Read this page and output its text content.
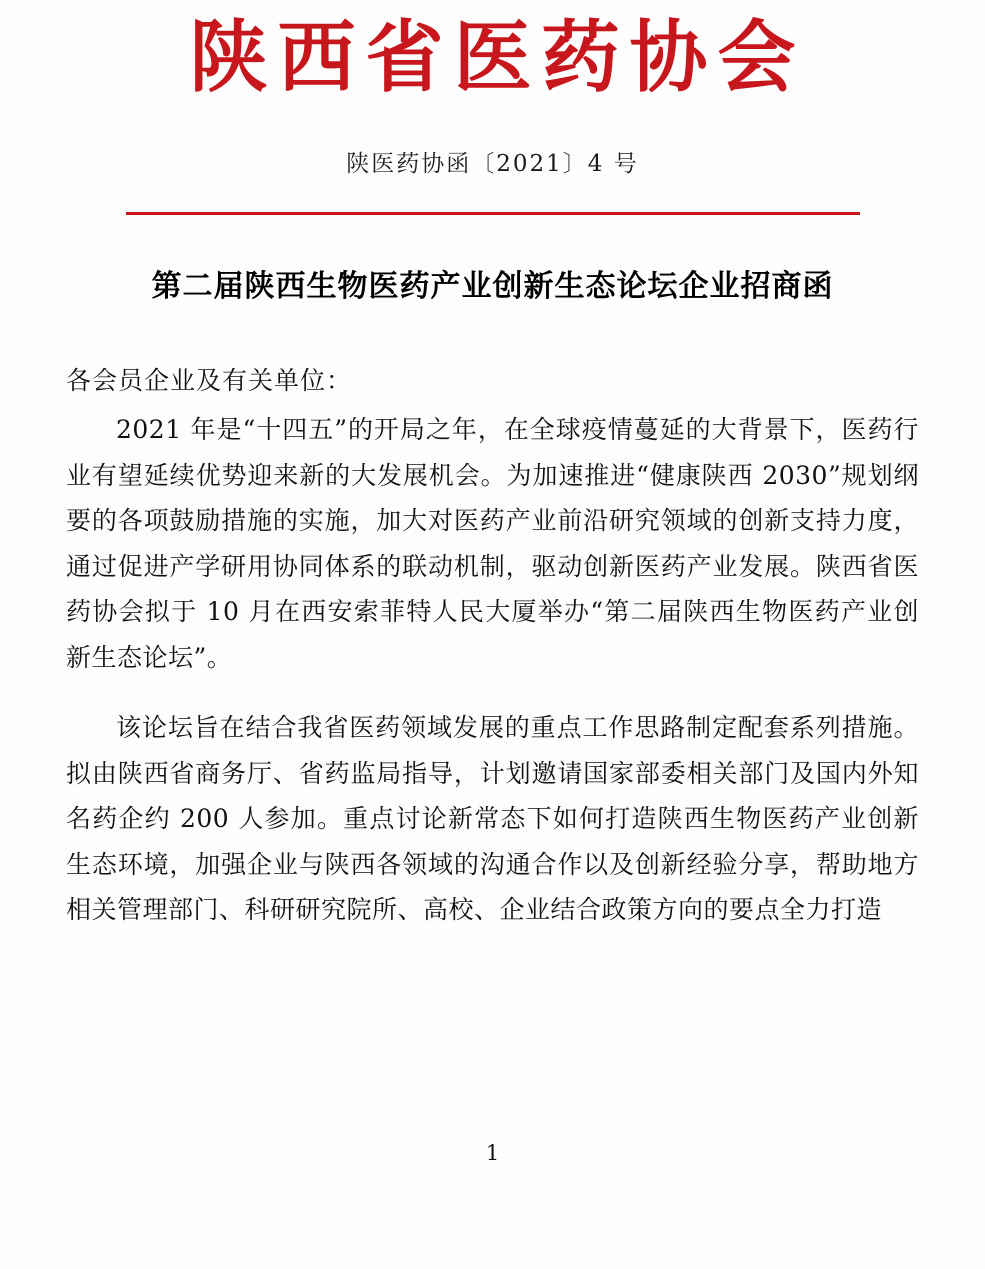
陕西省医药协会
陕医药协函〔2021〕4 号
第二届陕西生物医药产业创新生态论坛企业招商函
各会员企业及有关单位：

2021 年是“十四五”的开局之年，在全球疫情蔓延的大背景下，医药行业有望延续优势迎来新的大发展机会。为加速推进“健康陕西 2030”规划纲要的各项鼓励措施的实施，加大对医药产业前沿研究领域的创新支持力度，通过促进产学研用协同体系的联动机制，驱动创新医药产业发展。陕西省医药协会拟于 10 月在西安索菲特人民大厦举办“第二届陕西生物医药产业创新生态论坛”。

该论坛旨在结合我省医药领域发展的重点工作思路制定配套系列措施。拟由陕西省商务厅、省药监局指导，计划邀请国家部委相关部门及国内外知名药企约 200 人参加。重点讨论新常态下如何打造陕西生物医药产业创新生态环境，加强企业与陕西各领域的沟通合作以及创新经验分享，帮助地方相关管理部门、科研研究院所、高校、企业结合政策方向的要点全力打造

1
